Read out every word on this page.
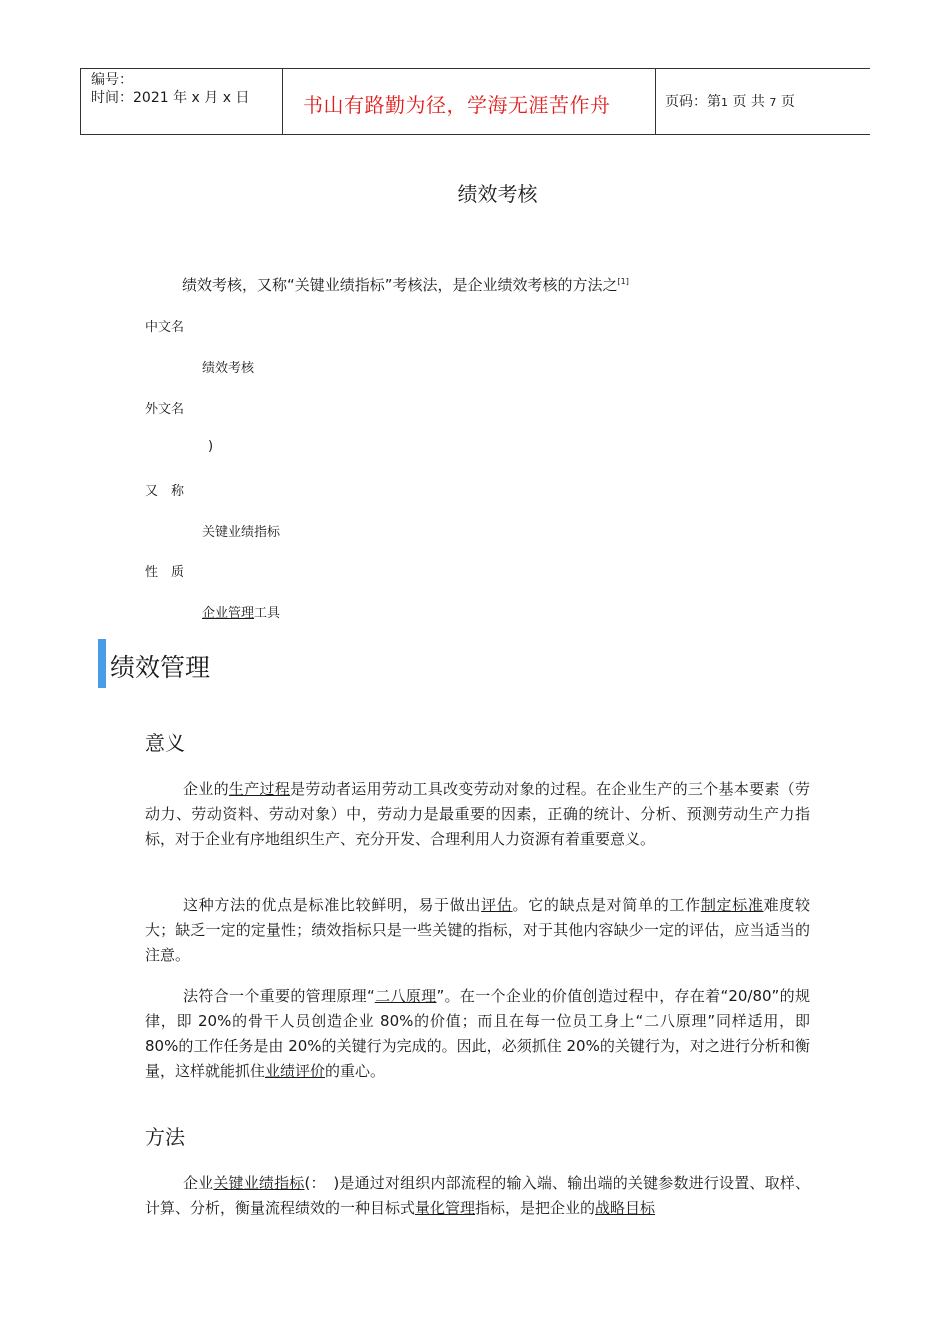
编号：
时间：2021 年 x 月 x 日	书山有路勤为径，学海无涯苦作舟	页码：第1 页 共 7 页
绩效考核
绩效考核，又称“关键业绩指标”考核法，是企业绩效考核的方法之[1]
中文名
绩效考核
外文名
)
又　称
关键业绩指标
性　质
企业管理工具
绩效管理
意义

企业的生产过程是劳动者运用劳动工具改变劳动对象的过程。在企业生产的三个基本要素（劳动力、劳动资料、劳动对象）中，劳动力是最重要的因素，正确的统计、分析、预测劳动生产力指标，对于企业有序地组织生产、充分开发、合理利用人力资源有着重要意义。

这种方法的优点是标准比较鲜明，易于做出评估。它的缺点是对简单的工作制定标准难度较大；缺乏一定的定量性；绩效指标只是一些关键的指标，对于其他内容缺少一定的评估，应当适当的注意。

法符合一个重要的管理原理“二八原理”。在一个企业的价值创造过程中，存在着“20/80”的规律，即 20%的骨干人员创造企业 80%的价值；而且在每一位员工身上“二八原理”同样适用，即 80%的工作任务是由 20%的关键行为完成的。因此，必须抓住 20%的关键行为，对之进行分析和衡量，这样就能抓住业绩评价的重心。

方法

企业关键业绩指标(：　)是通过对组织内部流程的输入端、输出端的关键参数进行设置、取样、计算、分析，衡量流程绩效的一种目标式量化管理指标，是把企业的战略目标
